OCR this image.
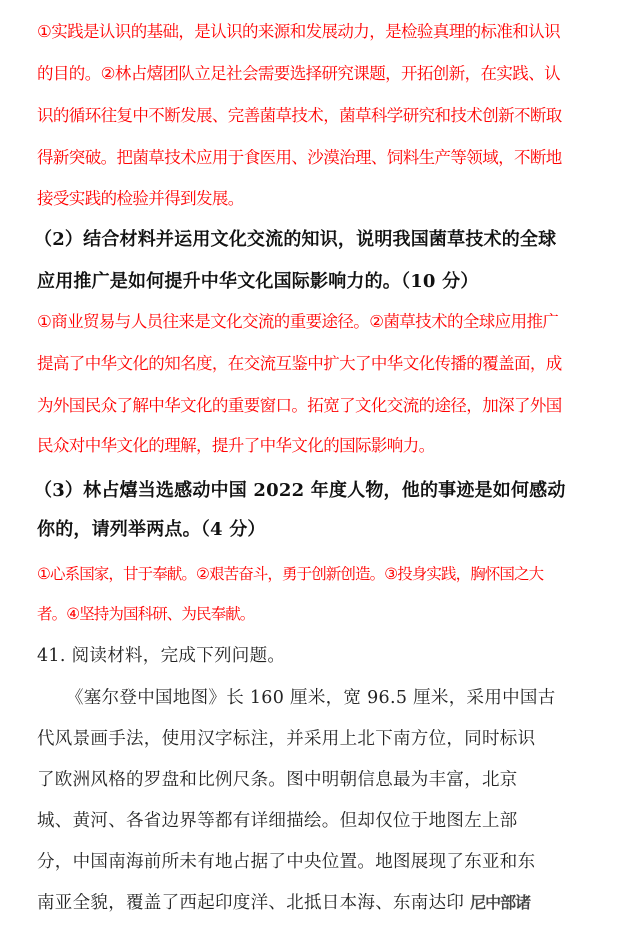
①实践是认识的基础，是认识的来源和发展动力，是检验真理的标准和认识
的目的。②林占熺团队立足社会需要选择研究课题，开拓创新，在实践、认
识的循环往复中不断发展、完善菌草技术，菌草科学研究和技术创新不断取
得新突破。把菌草技术应用于食医用、沙漠治理、饲料生产等领域，不断地
接受实践的检验并得到发展。
（2）结合材料并运用文化交流的知识，说明我国菌草技术的全球
应用推广是如何提升中华文化国际影响力的。（10 分）
①商业贸易与人员往来是文化交流的重要途径。②菌草技术的全球应用推广
提高了中华文化的知名度，在交流互鉴中扩大了中华文化传播的覆盖面，成
为外国民众了解中华文化的重要窗口。拓宽了文化交流的途径，加深了外国
民众对中华文化的理解，提升了中华文化的国际影响力。
（3）林占熺当选感动中国 2022 年度人物，他的事迹是如何感动
你的，请列举两点。（4 分）
①心系国家，甘于奉献。②艰苦奋斗，勇于创新创造。③投身实践，胸怀国之大
者。④坚持为国科研、为民奉献。
41. 阅读材料，完成下列问题。
《塞尔登中国地图》长 160 厘米，宽 96.5 厘米，采用中国古
代风景画手法，使用汉字标注，并采用上北下南方位，同时标识
了欧洲风格的罗盘和比例尺条。图中明朝信息最为丰富，北京
城、黄河、各省边界等都有详细描绘。但却仅位于地图左上部
分，中国南海前所未有地占据了中央位置。地图展现了东亚和东
南亚全貌，覆盖了西起印度洋、北抵日本海、东南达印 尼中部诸
